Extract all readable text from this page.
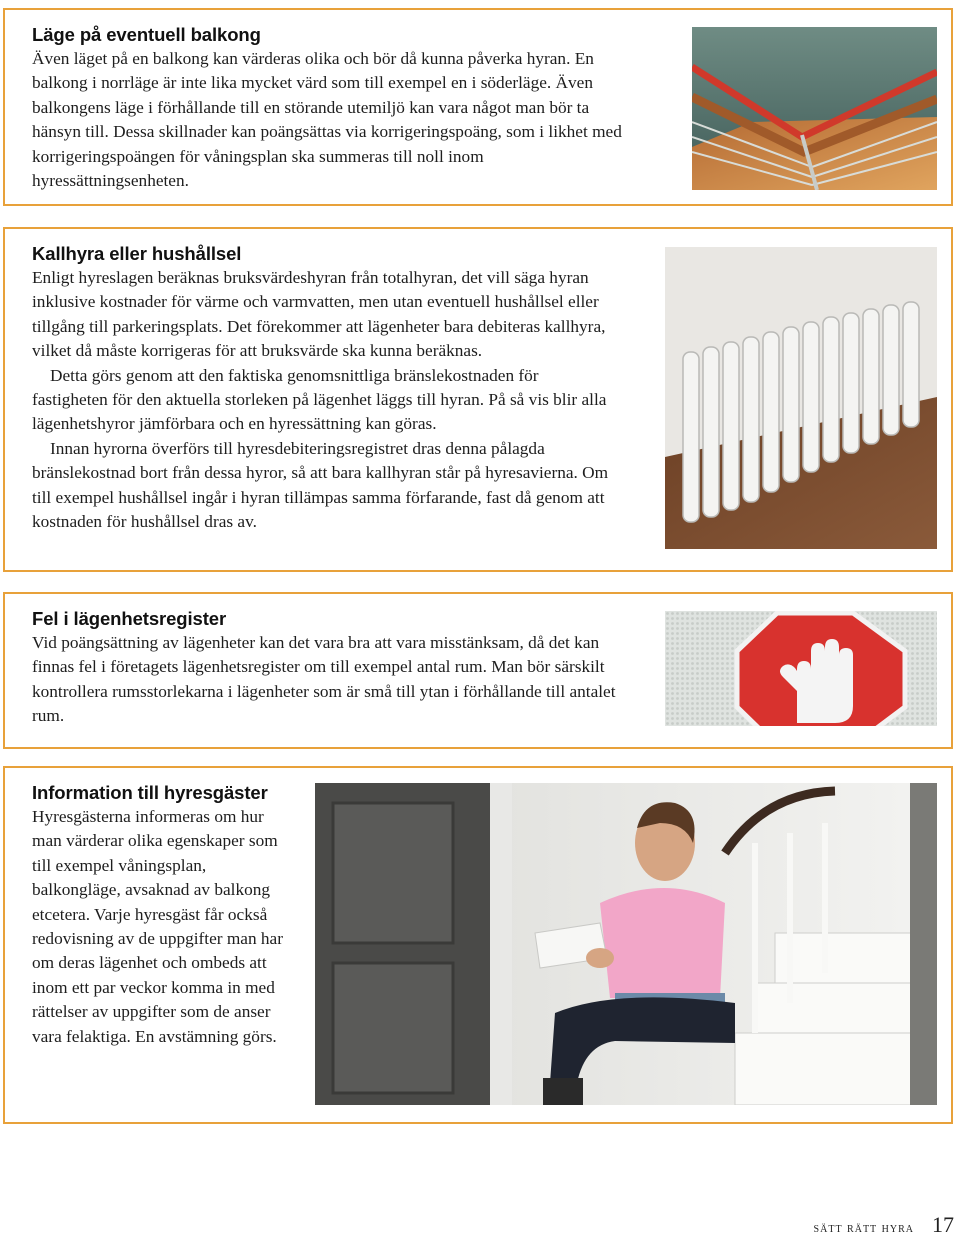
Läge på eventuell balkong

Även läget på en balkong kan värderas olika och bör då kunna påverka hyran. En balkong i norrläge är inte lika mycket värd som till exempel en i söderläge. Även balkongens läge i förhållande till en störande utemiljö kan vara något man bör ta hänsyn till. Dessa skillnader kan poängsättas via korrigeringspoäng, som i likhet med korrigeringspoängen för våningsplan ska summeras till noll inom hyressättningsenheten.

Kallhyra eller hushållsel

Enligt hyreslagen beräknas bruksvärdeshyran från totalhyran, det vill säga hyran inklusive kostnader för värme och varmvatten, men utan eventuell hushållsel eller tillgång till parkeringsplats. Det förekommer att lägenheter bara debiteras kallhyra, vilket då måste korrigeras för att bruksvärde ska kunna beräknas.

Detta görs genom att den faktiska genomsnittliga bränslekostnaden för fastigheten för den aktuella storleken på lägenhet läggs till hyran. På så vis blir alla lägenhetshyror jämförbara och en hyressättning kan göras.

Innan hyrorna överförs till hyresdebiteringsregistret dras denna pålagda bränslekostnad bort från dessa hyror, så att bara kallhyran står på hyresavierna. Om till exempel hushållsel ingår i hyran tillämpas samma förfarande, fast då genom att kostnaden för hushållsel dras av.

Fel i lägenhetsregister

Vid poängsättning av lägenheter kan det vara bra att vara misstänksam, då det kan finnas fel i företagets lägenhetsregister om till exempel antal rum. Man bör särskilt kontrollera rumsstorlekarna i lägenheter som är små till ytan i förhållande till antalet rum.

Information till hyresgäster

Hyresgästerna informeras om hur man värderar olika egenskaper som till exempel våningsplan, balkongläge, avsaknad av balkong etcetera. Varje hyresgäst får också redovisning av de uppgifter man har om deras lägenhet och ombeds att inom ett par veckor komma in med rättelser av uppgifter som de anser vara felaktiga. En avstämning görs.

sätt rätt hyra 17
